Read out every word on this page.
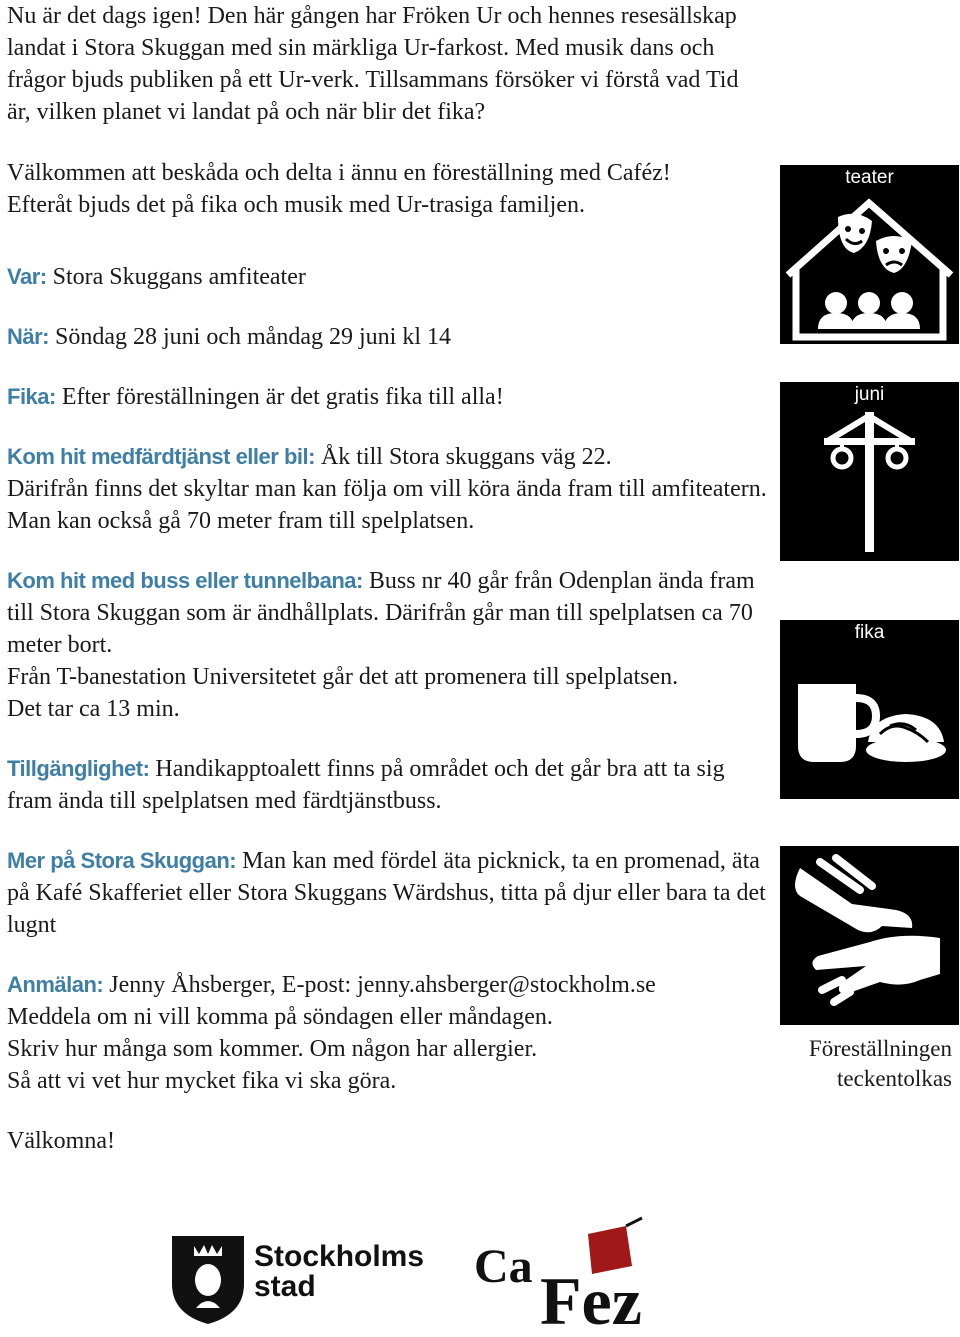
Nu är det dags igen! Den här gången har Fröken Ur och hennes resesällskap landat i Stora Skuggan med sin märkliga Ur-farkost. Med musik dans och frågor bjuds publiken på ett Ur-verk. Tillsammans försöker vi förstå vad Tid är, vilken planet vi landat på och när blir det fika?

Välkommen att beskåda och delta i ännu en föreställning med Caféz!

Efteråt bjuds det på fika och musik med Ur-trasiga familjen.

Var: Stora Skuggans amfiteater

När: Söndag 28 juni och måndag 29 juni kl 14

Fika: Efter föreställningen är det gratis fika till alla!

Kom hit medfärdtjänst eller bil: Åk till Stora skuggans väg 22.

Därifrån finns det skyltar man kan följa om vill köra ända fram till amfiteatern. Man kan också gå 70 meter fram till spelplatsen.

Kom hit med buss eller tunnelbana: Buss nr 40 går från Odenplan ända fram till Stora Skuggan som är ändhållplats. Därifrån går man till spelplatsen ca 70 meter bort.

Från T-banestation Universitetet går det att promenera till spelplatsen.

Det tar ca 13 min.

Tillgänglighet: Handikapptoalett finns på området och det går bra att ta sig fram ända till spelplatsen med färdtjänstbuss.

Mer på Stora Skuggan: Man kan med fördel äta picknick, ta en promenad, äta på Kafé Skafferiet eller Stora Skuggans Wärdshus, titta på djur eller bara ta det lugnt

Anmälan: Jenny Åhsberger, E-post: jenny.ahsberger@stockholm.se

Meddela om ni vill komma på söndagen eller måndagen.

Skriv hur många som kommer. Om någon har allergier.

Så att vi vet hur mycket fika vi ska göra.

Välkomna!

teater
juni
fika
Föreställningen
teckentolkas
Stockholms
stad	Ca Fez
